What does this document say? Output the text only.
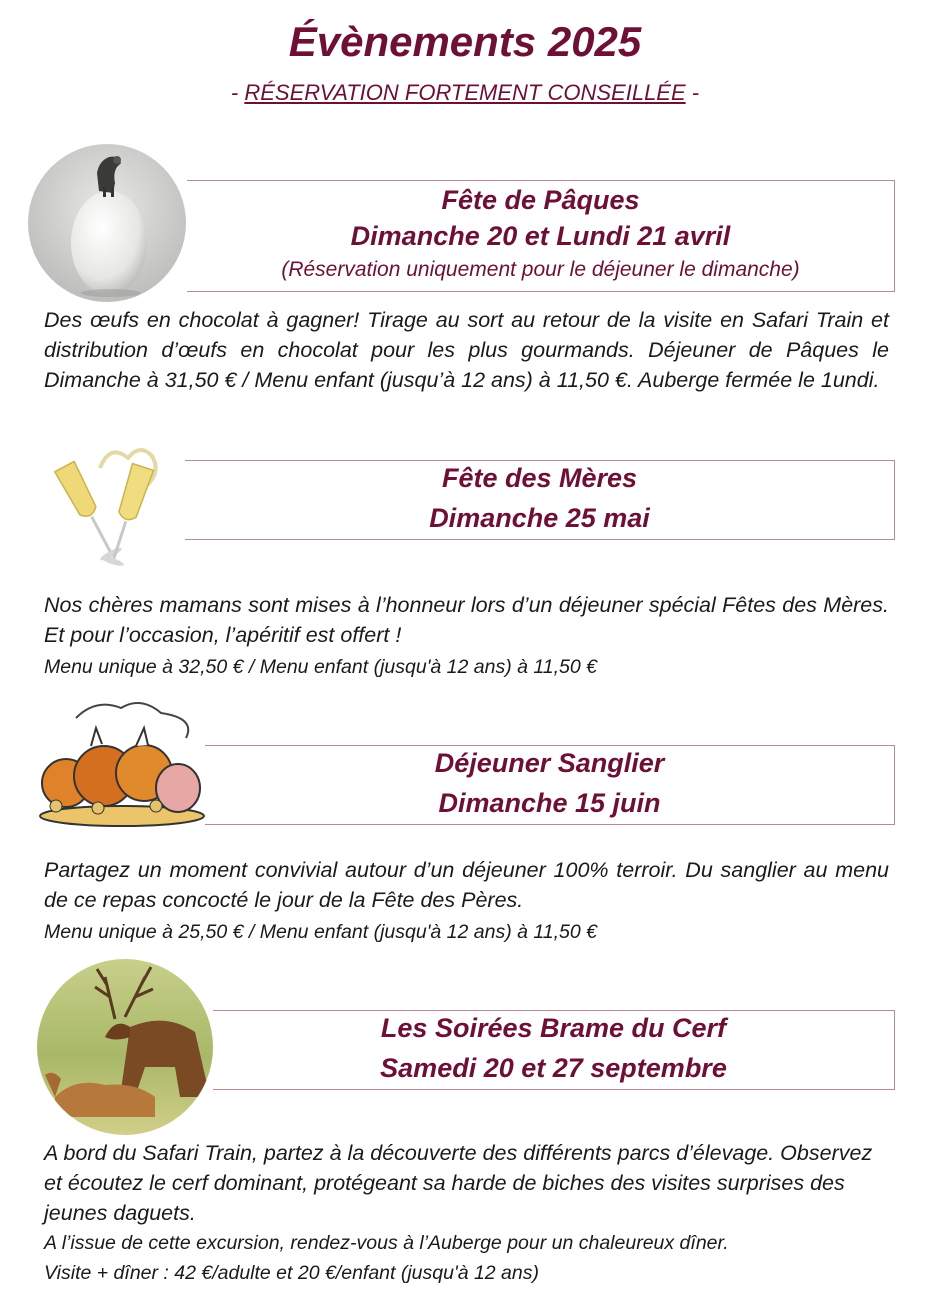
Évènements 2025
- RÉSERVATION FORTEMENT CONSEILLÉE -
Fête de Pâques
Dimanche 20 et Lundi 21 avril
(Réservation uniquement pour le déjeuner le dimanche)
Des œufs en chocolat à gagner! Tirage au sort au retour de la visite en Safari Train et distribution d’œufs en chocolat pour les plus gourmands. Déjeuner de Pâques le Dimanche à 31,50 € / Menu enfant (jusqu’à 12 ans) à 11,50 €. Auberge fermée le 1undi.
Fête des Mères
Dimanche 25 mai
Nos chères mamans sont mises à l’honneur lors d’un déjeuner spécial Fêtes des Mères. Et pour l’occasion, l’apéritif est offert !
Menu unique à 32,50 € / Menu enfant (jusqu'à 12 ans) à 11,50 €
Déjeuner Sanglier
Dimanche 15 juin
Partagez un moment convivial autour d’un déjeuner 100% terroir. Du sanglier au menu de ce repas concocté le jour de la Fête des Pères.
Menu unique à 25,50 € / Menu enfant (jusqu'à 12 ans) à 11,50 €
Les Soirées Brame du Cerf
Samedi 20 et 27 septembre
A bord du Safari Train, partez à la découverte des différents parcs d’élevage. Observez et écoutez le cerf dominant, protégeant sa harde de biches des visites surprises des jeunes daguets.
A l’issue de cette excursion, rendez-vous à l’Auberge pour un chaleureux dîner.
Visite + dîner : 42 €/adulte et 20 €/enfant (jusqu'à 12 ans)
